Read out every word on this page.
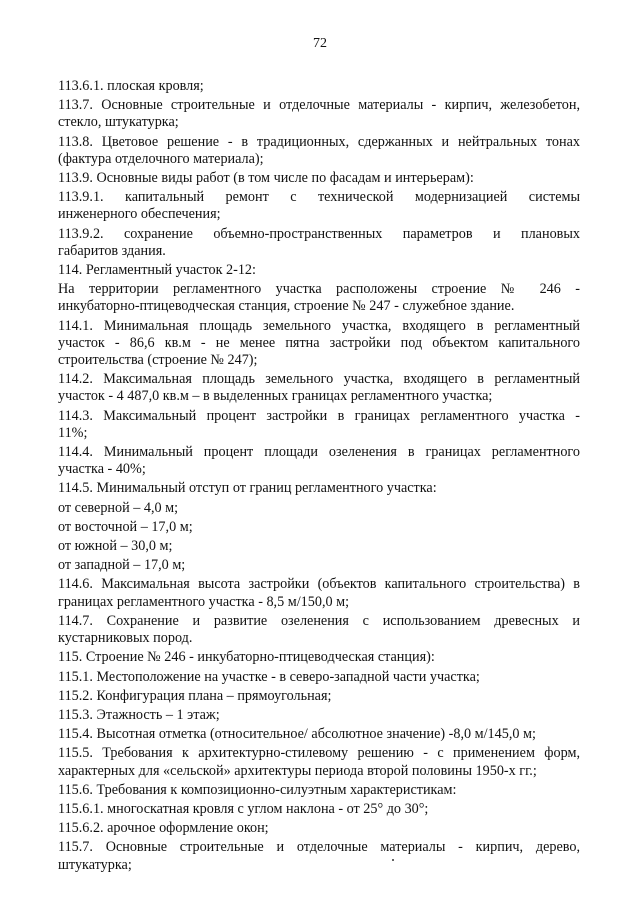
72
113.6.1. плоская кровля;
113.7. Основные строительные и отделочные материалы - кирпич, железобетон,
стекло, штукатурка;
113.8. Цветовое решение - в традиционных, сдержанных и нейтральных тонах
(фактура отделочного материала);
113.9. Основные виды работ (в том числе по фасадам и интерьерам):
113.9.1. капитальный ремонт с технической модернизацией системы
инженерного обеспечения;
113.9.2. сохранение объемно-пространственных параметров и плановых
габаритов здания.
114. Регламентный участок 2-12:
На территории регламентного участка расположены строение № 246 -
инкубаторно-птицеводческая станция, строение № 247 - служебное здание.
114.1. Минимальная площадь земельного участка, входящего в регламентный
участок - 86,6 кв.м - не менее пятна застройки под объектом капитального
строительства (строение № 247);
114.2. Максимальная площадь земельного участка, входящего в регламентный
участок - 4 487,0 кв.м – в выделенных границах регламентного участка;
114.3. Максимальный процент застройки в границах регламентного участка -
11%;
114.4. Минимальный процент площади озеленения в границах регламентного
участка - 40%;
114.5. Минимальный отступ от границ регламентного участка:
от северной – 4,0 м;
от восточной – 17,0 м;
от южной – 30,0 м;
от западной – 17,0 м;
114.6. Максимальная высота застройки (объектов капитального строительства) в
границах регламентного участка - 8,5 м/150,0 м;
114.7. Сохранение и развитие озеленения с использованием древесных и
кустарниковых пород.
115. Строение № 246 - инкубаторно-птицеводческая станция):
115.1. Местоположение на участке - в северо-западной части участка;
115.2. Конфигурация плана – прямоугольная;
115.3. Этажность – 1 этаж;
115.4. Высотная отметка (относительное/ абсолютное значение) -8,0 м/145,0 м;
115.5. Требования к архитектурно-стилевому решению - с применением форм,
характерных для «сельской» архитектуры периода второй половины 1950-х гг.;
115.6. Требования к композиционно-силуэтным характеристикам:
115.6.1. многоскатная кровля с углом наклона - от 25° до 30°;
115.6.2. арочное оформление окон;
115.7. Основные строительные и отделочные материалы - кирпич, дерево,
штукатурка;
